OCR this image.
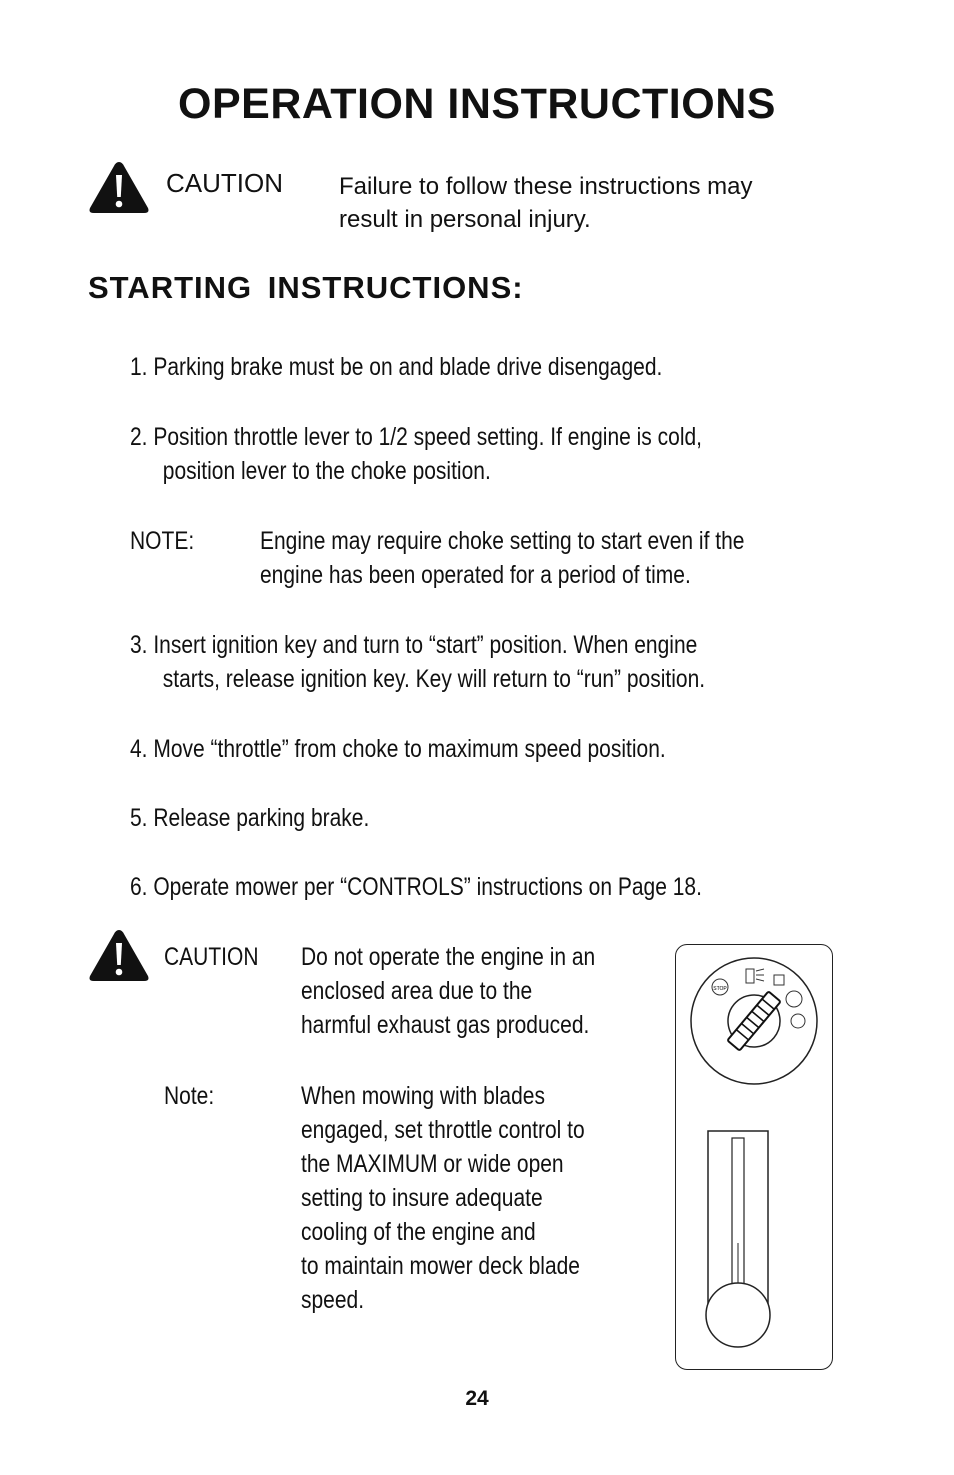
OPERATION INSTRUCTIONS
CAUTION Failure to follow these instructions may
result in personal injury.
STARTING INSTRUCTIONS:
1. Parking brake must be on and blade drive disengaged.
2. Position throttle lever to 1/2 speed setting. If engine is cold,
position lever to the choke position.
NOTE:	Engine may require choke setting to start even if the
engine has been operated for a period of time.
3. Insert ignition key and turn to “start” position. When engine
starts, release ignition key. Key will return to “run” position.
4. Move “throttle” from choke to maximum speed position.
5. Release parking brake.
6. Operate mower per “CONTROLS” instructions on Page 18.
CAUTION Do not operate the engine in an
enclosed area due to the
harmful exhaust gas produced.
Note:	When mowing with blades
engaged, set throttle control to
the MAXIMUM or wide open
setting to insure adequate
cooling of the engine and
to maintain mower deck blade
speed.
STOP
24
